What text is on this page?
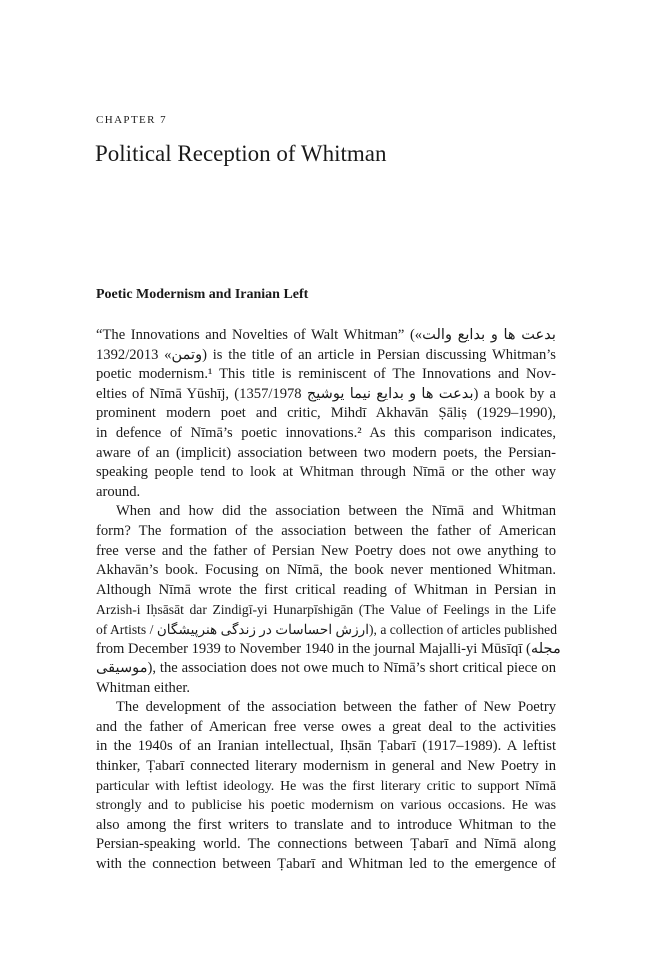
CHAPTER 7
Political Reception of Whitman
Poetic Modernism and Iranian Left
“The Innovations and Novelties of Walt Whitman” («بدعت ها و بدایع والت
وتمن» 1392/2013) is the title of an article in Persian discussing Whitman’s
poetic modernism.¹ This title is reminiscent of The Innovations and Nov-
elties of Nīmā Yūshīj, (بدعت ها و بدایع نیما یوشیج 1357/1978) a book by a
prominent modern poet and critic, Mihdī Akhavān Ṣāliṣ (1929–1990),
in defence of Nīmā’s poetic innovations.² As this comparison indicates,
aware of an (implicit) association between two modern poets, the Persian-
speaking people tend to look at Whitman through Nīmā or the other way
around.
When and how did the association between the Nīmā and Whitman
form? The formation of the association between the father of American
free verse and the father of Persian New Poetry does not owe anything to
Akhavān’s book. Focusing on Nīmā, the book never mentioned Whitman.
Although Nīmā wrote the first critical reading of Whitman in Persian in
Arzish-i Iḥsāsāt dar Zindigī-yi Hunarpīshigān (The Value of Feelings in the Life
of Artists / ارزش احساسات در زندگی هنرپیشگان), a collection of articles published
from December 1939 to November 1940 in the journal Majalli-yi Mūsīqī (مجله
موسیقی), the association does not owe much to Nīmā’s short critical piece on
Whitman either.
The development of the association between the father of New Poetry
and the father of American free verse owes a great deal to the activities
in the 1940s of an Iranian intellectual, Iḥsān Ṭabarī (1917–1989). A leftist
thinker, Ṭabarī connected literary modernism in general and New Poetry in
particular with leftist ideology. He was the first literary critic to support Nīmā
strongly and to publicise his poetic modernism on various occasions. He was
also among the first writers to translate and to introduce Whitman to the
Persian-speaking world. The connections between Ṭabarī and Nīmā along
with the connection between Ṭabarī and Whitman led to the emergence of
